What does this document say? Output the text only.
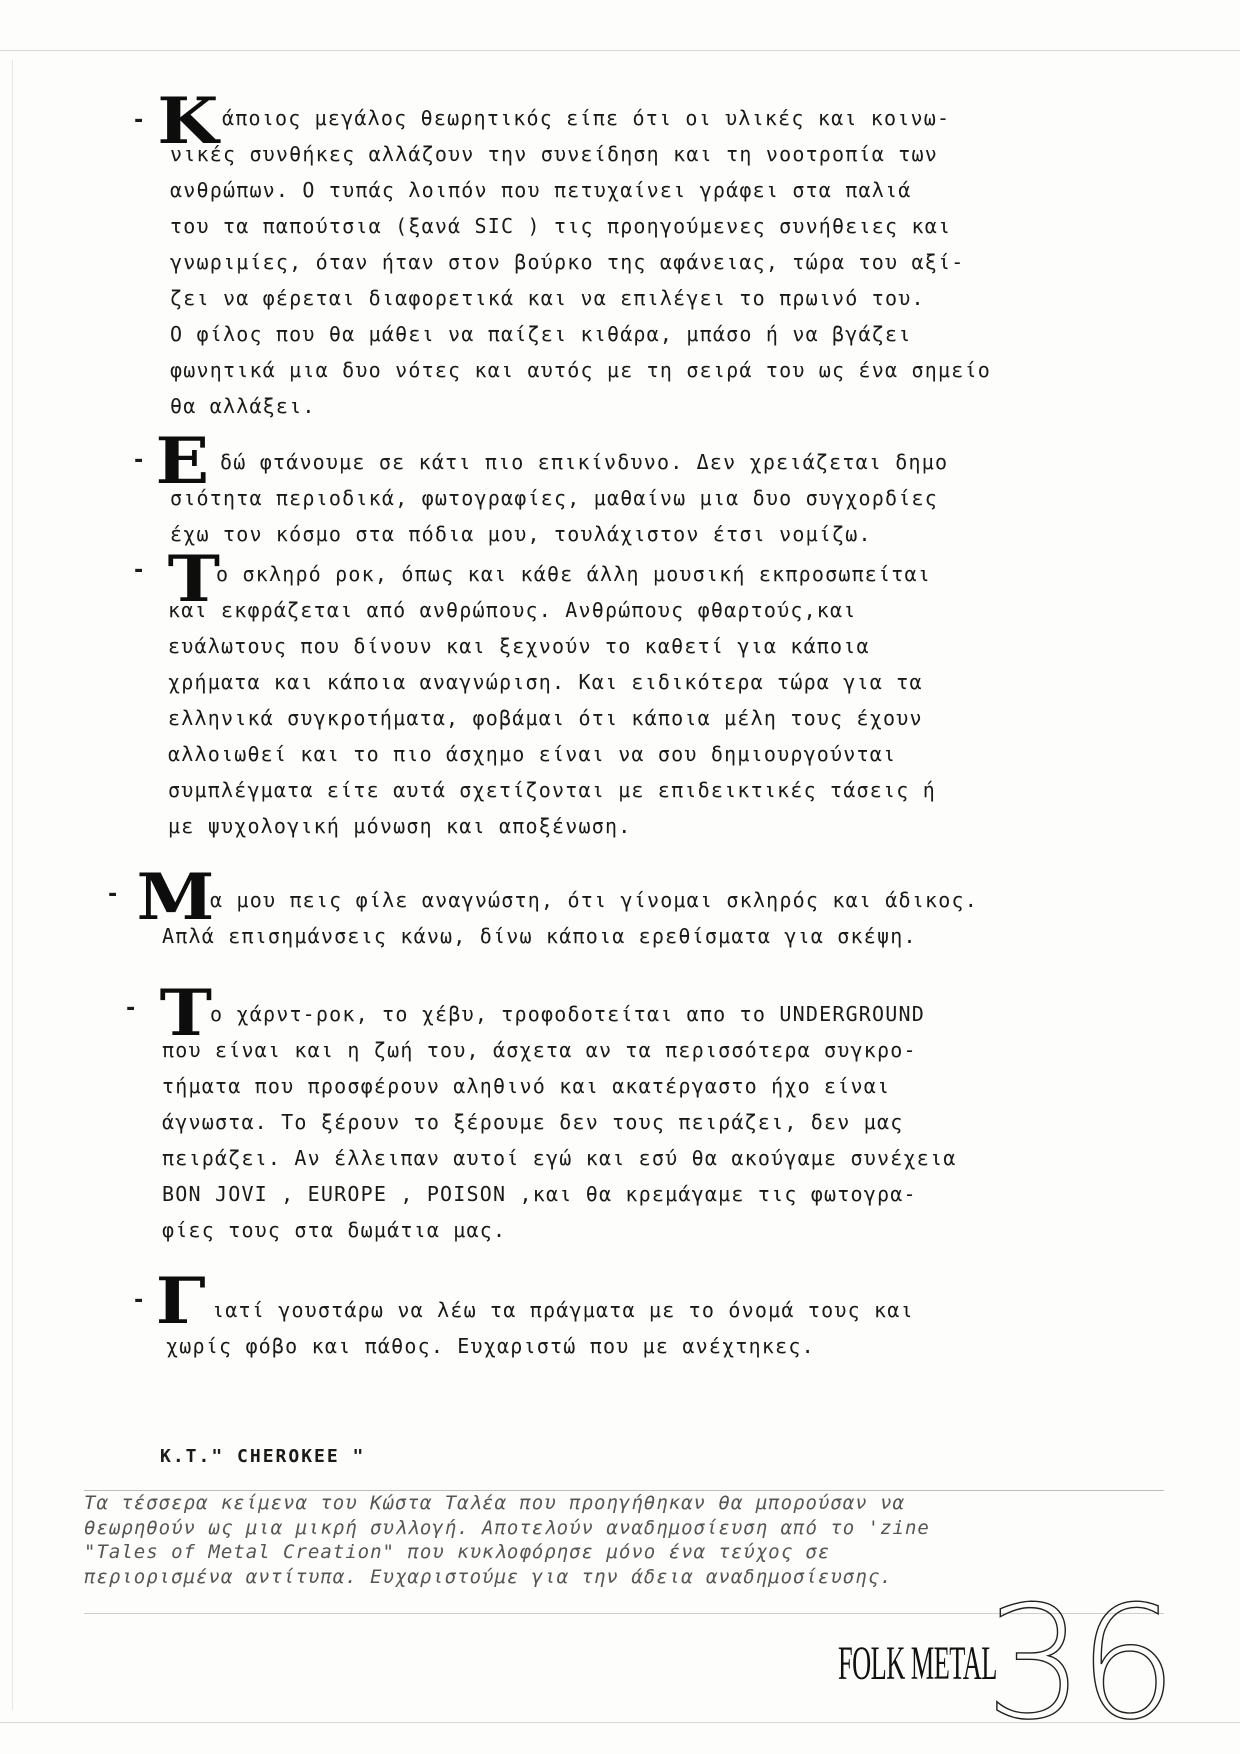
- K άποιος μεγάλος θεωρητικός είπε ότι οι υλικές και κοινω-
νικές συνθήκες αλλάζουν την συνείδηση και τη νοοτροπία των
ανθρώπων. Ο τυπάς λοιπόν που πετυχαίνει γράφει στα παλιά
του τα παπούτσια (ξανά SIC ) τις προηγούμενες συνήθειες και
γνωριμίες, όταν ήταν στον βούρκο της αφάνειας, τώρα του αξί-
ζει να φέρεται διαφορετικά και να επιλέγει το πρωινό του.
Ο φίλος που θα μάθει να παίζει κιθάρα, μπάσο ή να βγάζει
φωνητικά μια δυο νότες και αυτός με τη σειρά του ως ένα σημείο
θα αλλάξει.
- E δώ φτάνουμε σε κάτι πιο επικίνδυνο. Δεν χρειάζεται δημο
σιότητα περιοδικά, φωτογραφίες, μαθαίνω μια δυο συγχορδίες
έχω τον κόσμο στα πόδια μου, τουλάχιστον έτσι νομίζω.
- T
ο σκληρό ροκ, όπως και κάθε άλλη μουσική εκπροσωπείται
και εκφράζεται από ανθρώπους. Ανθρώπους φθαρτούς,και
ευάλωτους που δίνουν και ξεχνούν το καθετί για κάποια
χρήματα και κάποια αναγνώριση. Και ειδικότερα τώρα για τα
ελληνικά συγκροτήματα, φοβάμαι ότι κάποια μέλη τους έχουν
αλλοιωθεί και το πιο άσχημο είναι να σου δημιουργούνται
συμπλέγματα είτε αυτά σχετίζονται με επιδεικτικές τάσεις ή
με ψυχολογική μόνωση και αποξένωση.
- M
α μου πεις φίλε αναγνώστη, ότι γίνομαι σκληρός και άδικος.
Απλά επισημάνσεις κάνω, δίνω κάποια ερεθίσματα για σκέψη.
- T
ο χάρντ-ροκ, το χέβυ, τροφοδοτείται απο το UNDERGROUND
που είναι και η ζωή του, άσχετα αν τα περισσότερα συγκρο-
τήματα που προσφέρουν αληθινό και ακατέργαστο ήχο είναι
άγνωστα. Το ξέρουν το ξέρουμε δεν τους πειράζει, δεν μας
πειράζει. Αν έλλειπαν αυτοί εγώ και εσύ θα ακούγαμε συνέχεια
BON JOVI , EUROPE , POISON ,και θα κρεμάγαμε τις φωτογρα-
φίες τους στα δωμάτια μας.
- Γ ιατί γουστάρω να λέω τα πράγματα με το όνομά τους και
χωρίς φόβο και πάθος. Ευχαριστώ που με ανέχτηκες.
K.T." CHEROKEE "
Τα τέσσερα κείμενα του Κώστα Ταλέα που προηγήθηκαν θα μπορούσαν να
θεωρηθούν ως μια μικρή συλλογή. Αποτελούν αναδημοσίευση από το 'zine
"Tales of Metal Creation" που κυκλοφόρησε μόνο ένα τεύχος σε
περιορισμένα αντίτυπα. Ευχαριστούμε για την άδεια αναδημοσίευσης.
FOLK METAL
36
